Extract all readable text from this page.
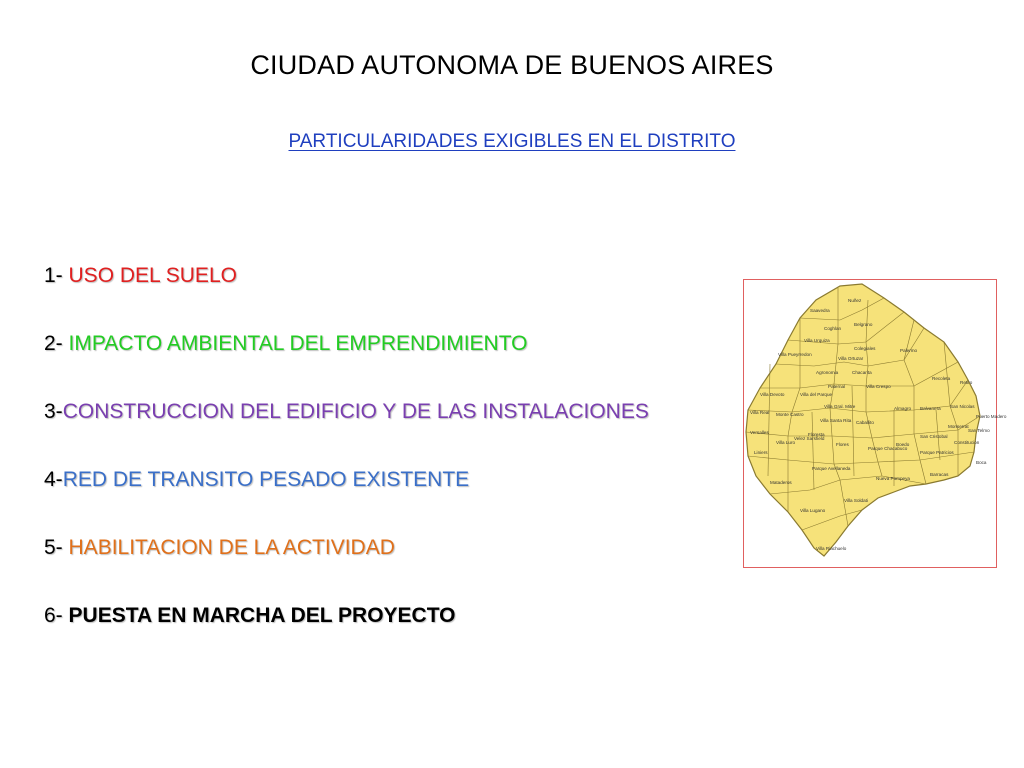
CIUDAD AUTONOMA DE BUENOS AIRES
PARTICULARIDADES EXIGIBLES EN EL DISTRITO
1- USO DEL SUELO
2- IMPACTO AMBIENTAL DEL EMPRENDIMIENTO
3-CONSTRUCCION DEL EDIFICIO Y DE LAS INSTALACIONES
4-RED DE TRANSITO PESADO EXISTENTE
5- HABILITACION DE LA ACTIVIDAD
6- PUESTA EN MARCHA DEL PROYECTO
Nuñez
Saavedra
Coghlan
Belgrano
Villa Urquiza
Villa Pueyrredon
Colegiales	Palermo
Villa Ortuzar
Agronomia	Chacarita
Recoleta
Retiro
Villa Devoto	Villa del Parque
Paternal	Villa Crespo
Villa Real Monte Castro
Villa Gral. Mitre
Villa Santa Rita Caballito
Almagro Balvanera San Nicolas
Puerto Madero
Monserrat
San Telmo
Versalles	Floresta
Villa Luro
Velez Sarsfield
Flores	Boedo
San Cristobal
Constitucion
Liniers
Parque Chacabuco
Parque Patricios
Boca
Parque Avellaneda
Barracas
Nueva Pompeya
Mataderos
Villa Soldati
Villa Lugano
Villa Riachuelo
